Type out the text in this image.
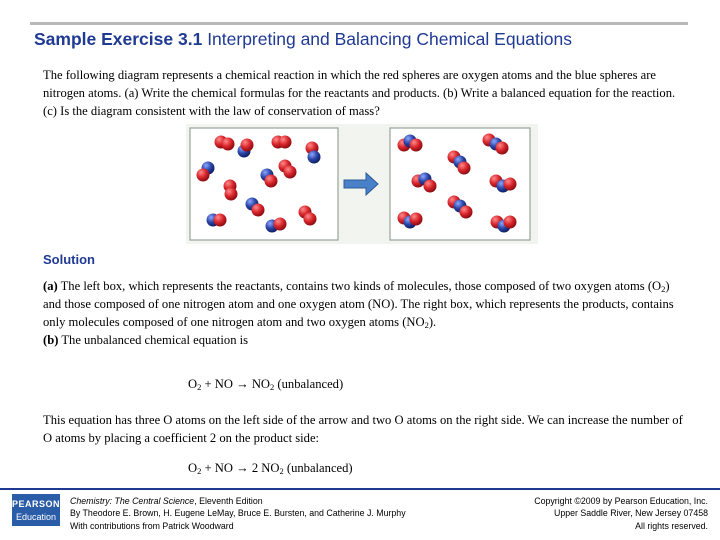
Sample Exercise 3.1 Interpreting and Balancing Chemical Equations
The following diagram represents a chemical reaction in which the red spheres are oxygen atoms and the blue spheres are nitrogen atoms. (a) Write the chemical formulas for the reactants and products. (b) Write a balanced equation for the reaction. (c) Is the diagram consistent with the law of conservation of mass?
Solution
(a) The left box, which represents the reactants, contains two kinds of molecules, those composed of two oxygen atoms $(O_2)$ and those composed of one nitrogen atom and one oxygen atom (NO). The right box, which represents the products, contains only molecules composed of one nitrogen atom and two oxygen atoms $(NO_2)$.
(b) The unbalanced chemical equation is
$O_2$ + NO → $NO_2$ (unbalanced)
This equation has three O atoms on the left side of the arrow and two O atoms on the right side. We can increase the number of O atoms by placing a coefficient 2 on the product side:
$O_2$ + NO → 2 $NO_2$ (unbalanced)
PEARSON
Education
Chemistry: The Central Science, Eleventh Edition
By Theodore E. Brown, H. Eugene LeMay, Bruce E. Bursten, and Catherine J. Murphy
With contributions from Patrick Woodward
Copyright ©2009 by Pearson Education, Inc.
Upper Saddle River, New Jersey 07458
All rights reserved.
